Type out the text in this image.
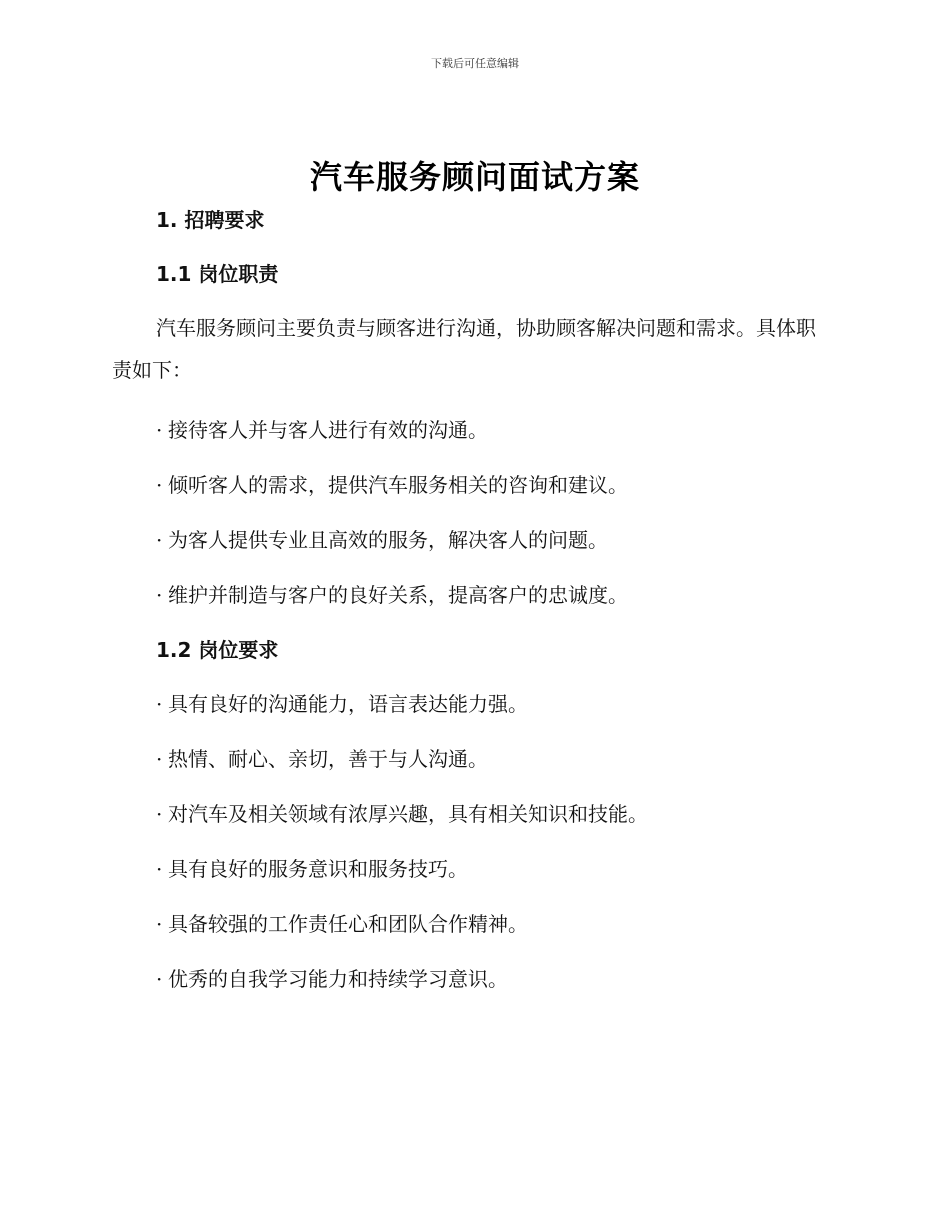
下载后可任意编辑
汽车服务顾问面试方案

1. 招聘要求

1.1 岗位职责

汽车服务顾问主要负责与顾客进行沟通，协助顾客解决问题和需求。具体职责如下：

· 接待客人并与客人进行有效的沟通。
· 倾听客人的需求，提供汽车服务相关的咨询和建议。
· 为客人提供专业且高效的服务，解决客人的问题。
· 维护并制造与客户的良好关系，提高客户的忠诚度。

1.2 岗位要求

· 具有良好的沟通能力，语言表达能力强。
· 热情、耐心、亲切，善于与人沟通。
· 对汽车及相关领域有浓厚兴趣，具有相关知识和技能。
· 具有良好的服务意识和服务技巧。
· 具备较强的工作责任心和团队合作精神。
· 优秀的自我学习能力和持续学习意识。
